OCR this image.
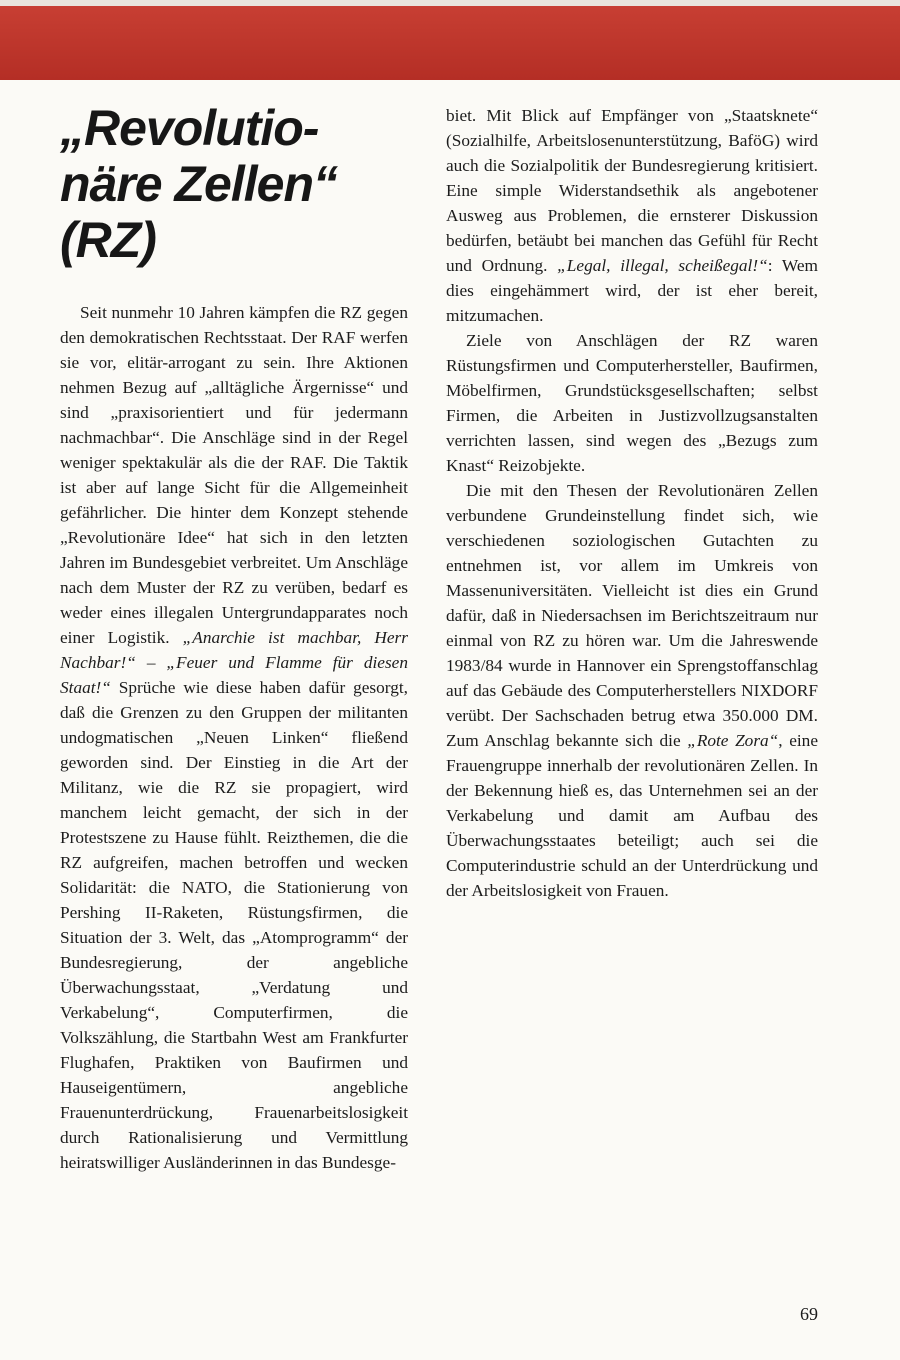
„Revolutio-
näre Zellen“
(RZ)

Seit nunmehr 10 Jahren kämpfen die RZ gegen den demokratischen Rechtsstaat. Der RAF werfen sie vor, elitär-arrogant zu sein. Ihre Aktionen nehmen Bezug auf „alltägliche Ärgernisse“ und sind „praxisorientiert und für jedermann nachmachbar“. Die Anschläge sind in der Regel weniger spektakulär als die der RAF. Die Taktik ist aber auf lange Sicht für die Allgemeinheit gefährlicher. Die hinter dem Konzept stehende „Revolutionäre Idee“ hat sich in den letzten Jahren im Bundesgebiet verbreitet. Um Anschläge nach dem Muster der RZ zu verüben, bedarf es weder eines illegalen Untergrundapparates noch einer Logistik. „Anarchie ist machbar, Herr Nachbar!“ – „Feuer und Flamme für diesen Staat!“ Sprüche wie diese haben dafür gesorgt, daß die Grenzen zu den Gruppen der militanten undogmatischen „Neuen Linken“ fließend geworden sind. Der Einstieg in die Art der Militanz, wie die RZ sie propagiert, wird manchem leicht gemacht, der sich in der Protestszene zu Hause fühlt. Reizthemen, die die RZ aufgreifen, machen betroffen und wecken Solidarität: die NATO, die Stationierung von Pershing II-Raketen, Rüstungsfirmen, die Situation der 3. Welt, das „Atomprogramm“ der Bundesregierung, der angebliche Überwachungsstaat, „Verdatung und Verkabelung“, Computerfirmen, die Volkszählung, die Startbahn West am Frankfurter Flughafen, Praktiken von Baufirmen und Hauseigentümern, angebliche Frauenunterdrückung, Frauenarbeitslosigkeit durch Rationalisierung und Vermittlung heiratswilliger Ausländerinnen in das Bundesge-

biet. Mit Blick auf Empfänger von „Staatsknete“ (Sozialhilfe, Arbeitslosenunterstützung, BaföG) wird auch die Sozialpolitik der Bundesregierung kritisiert. Eine simple Widerstandsethik als angebotener Ausweg aus Problemen, die ernsterer Diskussion bedürfen, betäubt bei manchen das Gefühl für Recht und Ordnung. „Legal, illegal, scheißegal!“: Wem dies eingehämmert wird, der ist eher bereit, mitzumachen.

Ziele von Anschlägen der RZ waren Rüstungsfirmen und Computerhersteller, Baufirmen, Möbelfirmen, Grundstücksgesellschaften; selbst Firmen, die Arbeiten in Justizvollzugsanstalten verrichten lassen, sind wegen des „Bezugs zum Knast“ Reizobjekte.

Die mit den Thesen der Revolutionären Zellen verbundene Grundeinstellung findet sich, wie verschiedenen soziologischen Gutachten zu entnehmen ist, vor allem im Umkreis von Massenuniversitäten. Vielleicht ist dies ein Grund dafür, daß in Niedersachsen im Berichtszeitraum nur einmal von RZ zu hören war. Um die Jahreswende 1983/84 wurde in Hannover ein Sprengstoffanschlag auf das Gebäude des Computerherstellers NIXDORF verübt. Der Sachschaden betrug etwa 350.000 DM. Zum Anschlag bekannte sich die „Rote Zora“, eine Frauengruppe innerhalb der revolutionären Zellen. In der Bekennung hieß es, das Unternehmen sei an der Verkabelung und damit am Aufbau des Überwachungsstaates beteiligt; auch sei die Computerindustrie schuld an der Unterdrückung und der Arbeitslosigkeit von Frauen.

69
